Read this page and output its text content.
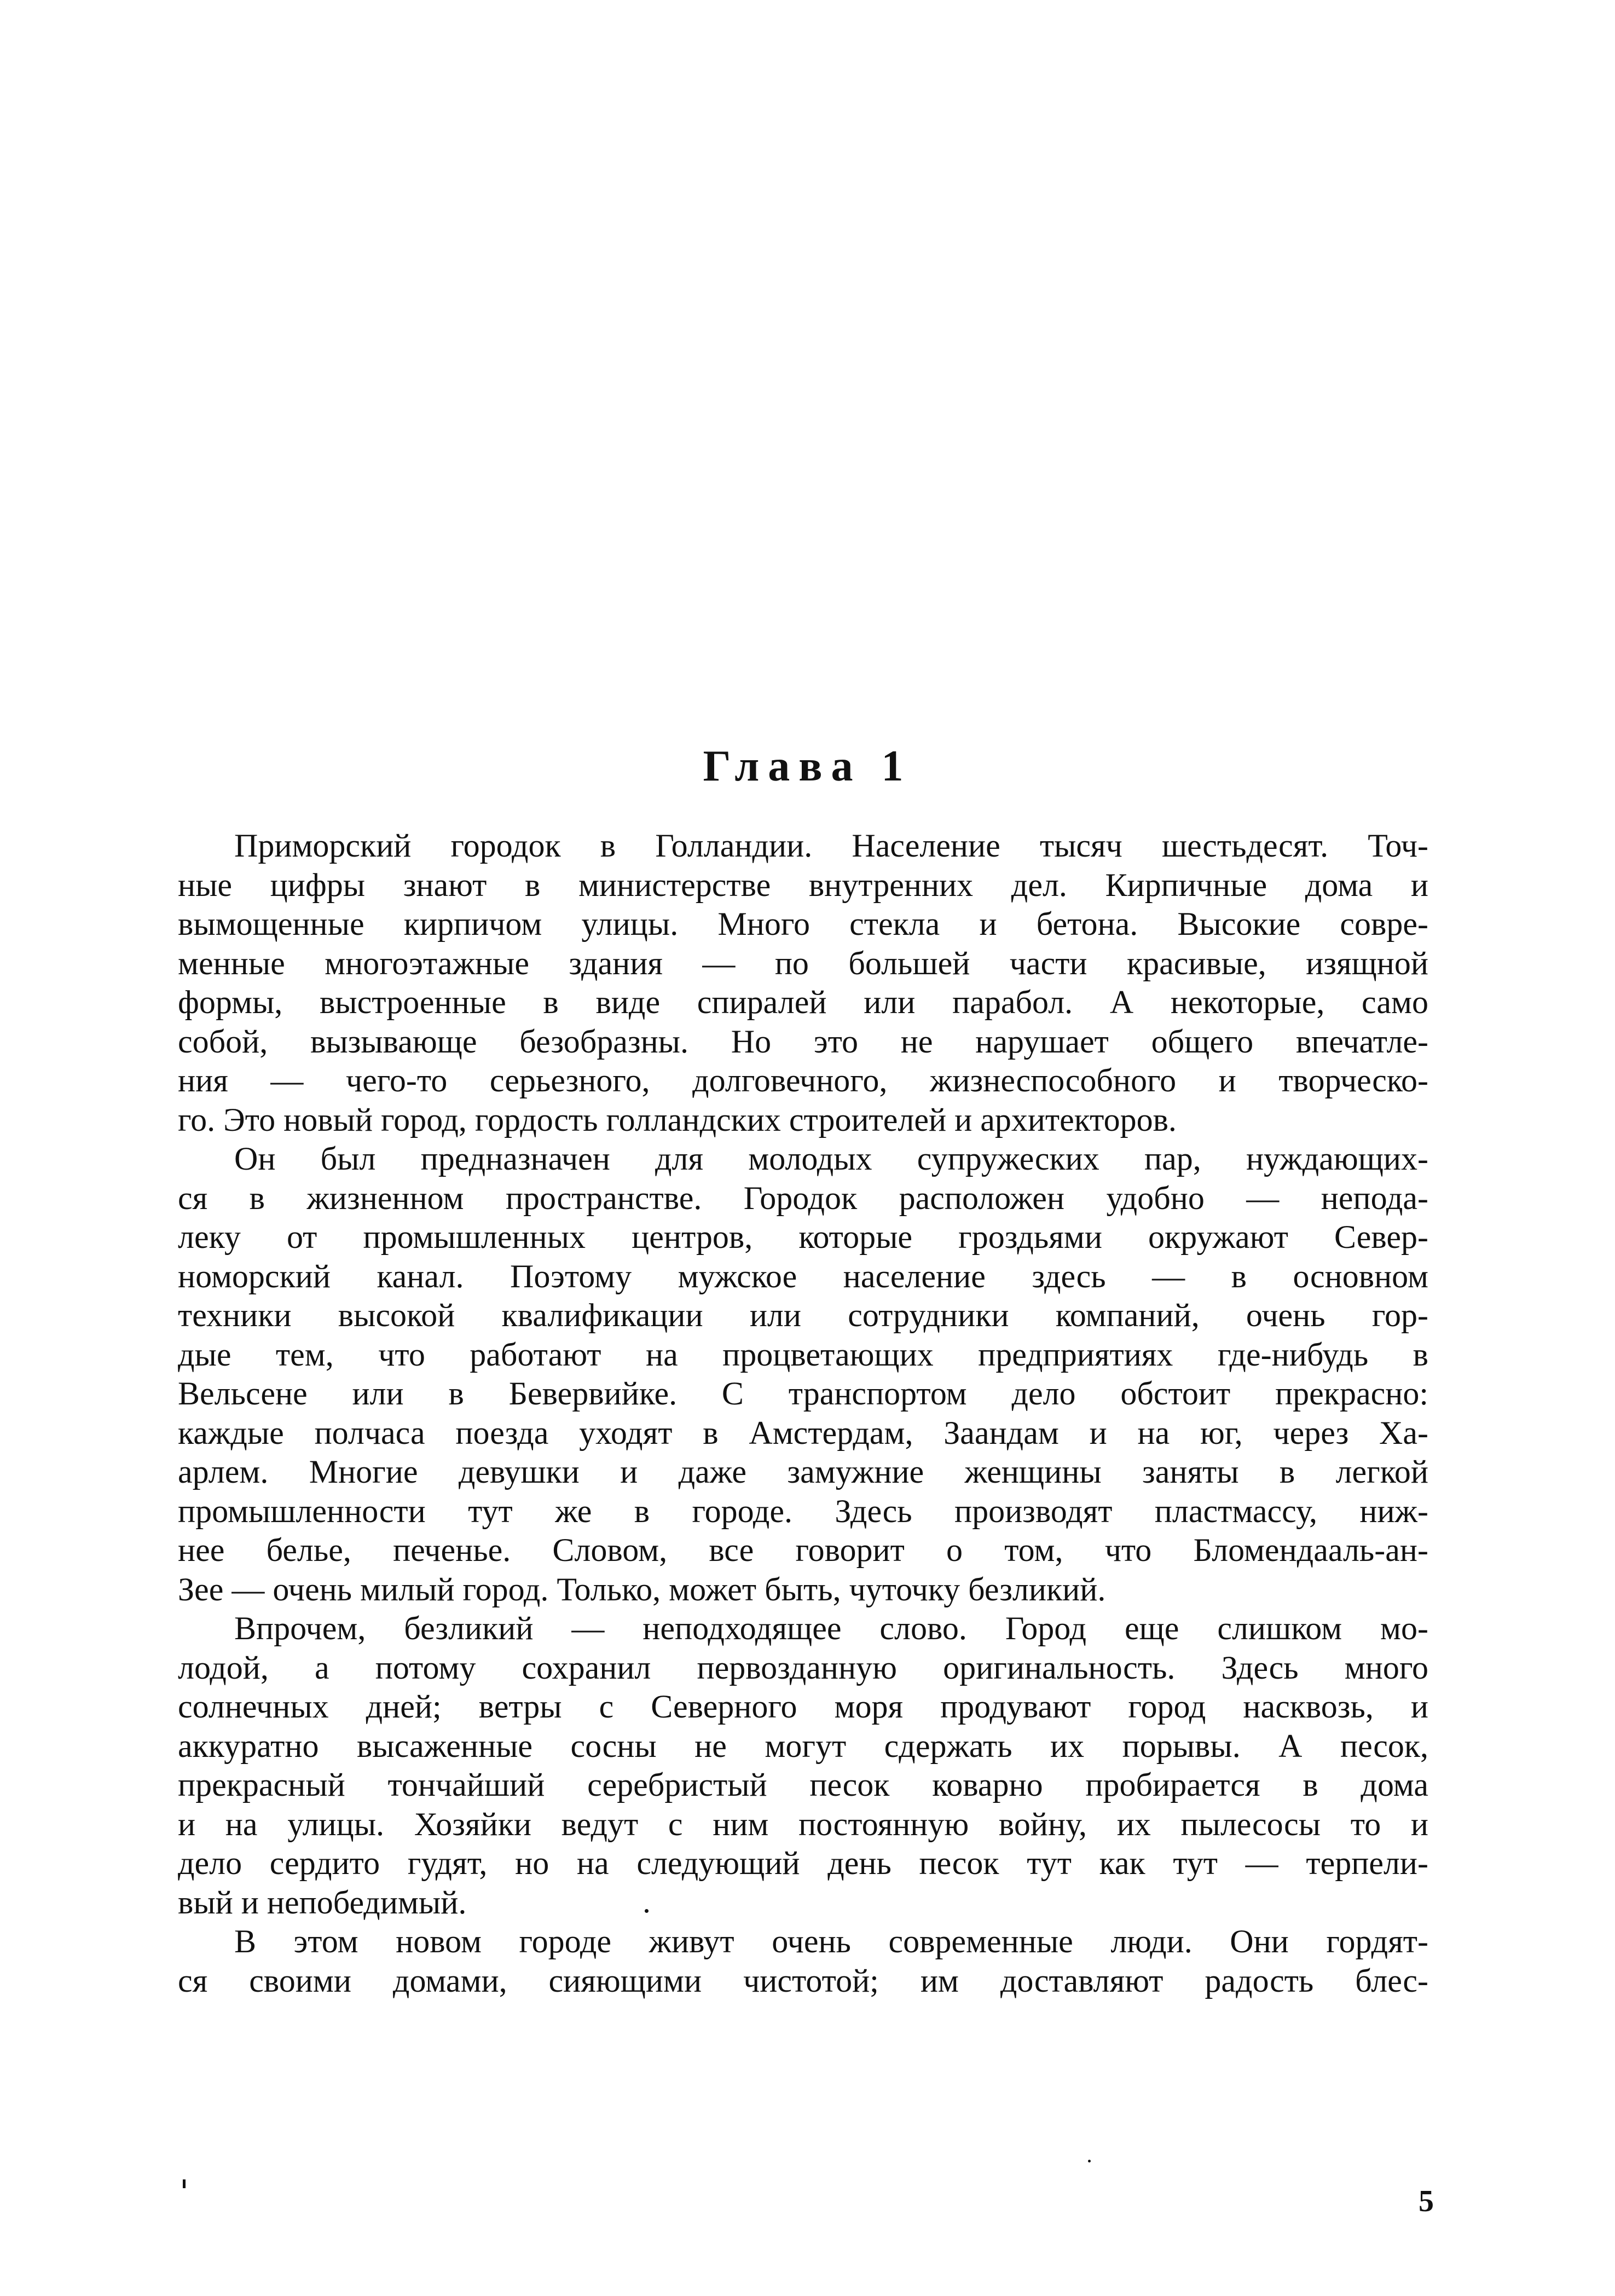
Глава 1
Приморский городок в Голландии. Население тысяч шестьдесят. Точ-
ные цифры знают в министерстве внутренних дел. Кирпичные дома и
вымощенные кирпичом улицы. Много стекла и бетона. Высокие совре-
менные многоэтажные здания — по большей части красивые, изящной
формы, выстроенные в виде спиралей или парабол. А некоторые, само
собой, вызывающе безобразны. Но это не нарушает общего впечатле-
ния — чего-то серьезного, долговечного, жизнеспособного и творческо-
го. Это новый город, гордость голландских строителей и архитекторов.
Он был предназначен для молодых супружеских пар, нуждающих-
ся в жизненном пространстве. Городок расположен удобно — непода-
леку от промышленных центров, которые гроздьями окружают Север-
номорский канал. Поэтому мужское население здесь — в основном
техники высокой квалификации или сотрудники компаний, очень гор-
дые тем, что работают на процветающих предприятиях где-нибудь в
Вельсене или в Бевервийке. С транспортом дело обстоит прекрасно:
каждые полчаса поезда уходят в Амстердам, Заандам и на юг, через Ха-
арлем. Многие девушки и даже замужние женщины заняты в легкой
промышленности тут же в городе. Здесь производят пластмассу, ниж-
нее белье, печенье. Словом, все говорит о том, что Бломендааль-ан-
Зее — очень милый город. Только, может быть, чуточку безликий.
Впрочем, безликий — неподходящее слово. Город еще слишком мо-
лодой, а потому сохранил первозданную оригинальность. Здесь много
солнечных дней; ветры с Северного моря продувают город насквозь, и
аккуратно высаженные сосны не могут сдержать их порывы. А песок,
прекрасный тончайший серебристый песок коварно пробирается в дома
и на улицы. Хозяйки ведут с ним постоянную войну, их пылесосы то и
дело сердито гудят, но на следующий день песок тут как тут — терпели-
вый и непобедимый.
В этом новом городе живут очень современные люди. Они гордят-
ся своими домами, сияющими чистотой; им доставляют радость блес-
5
